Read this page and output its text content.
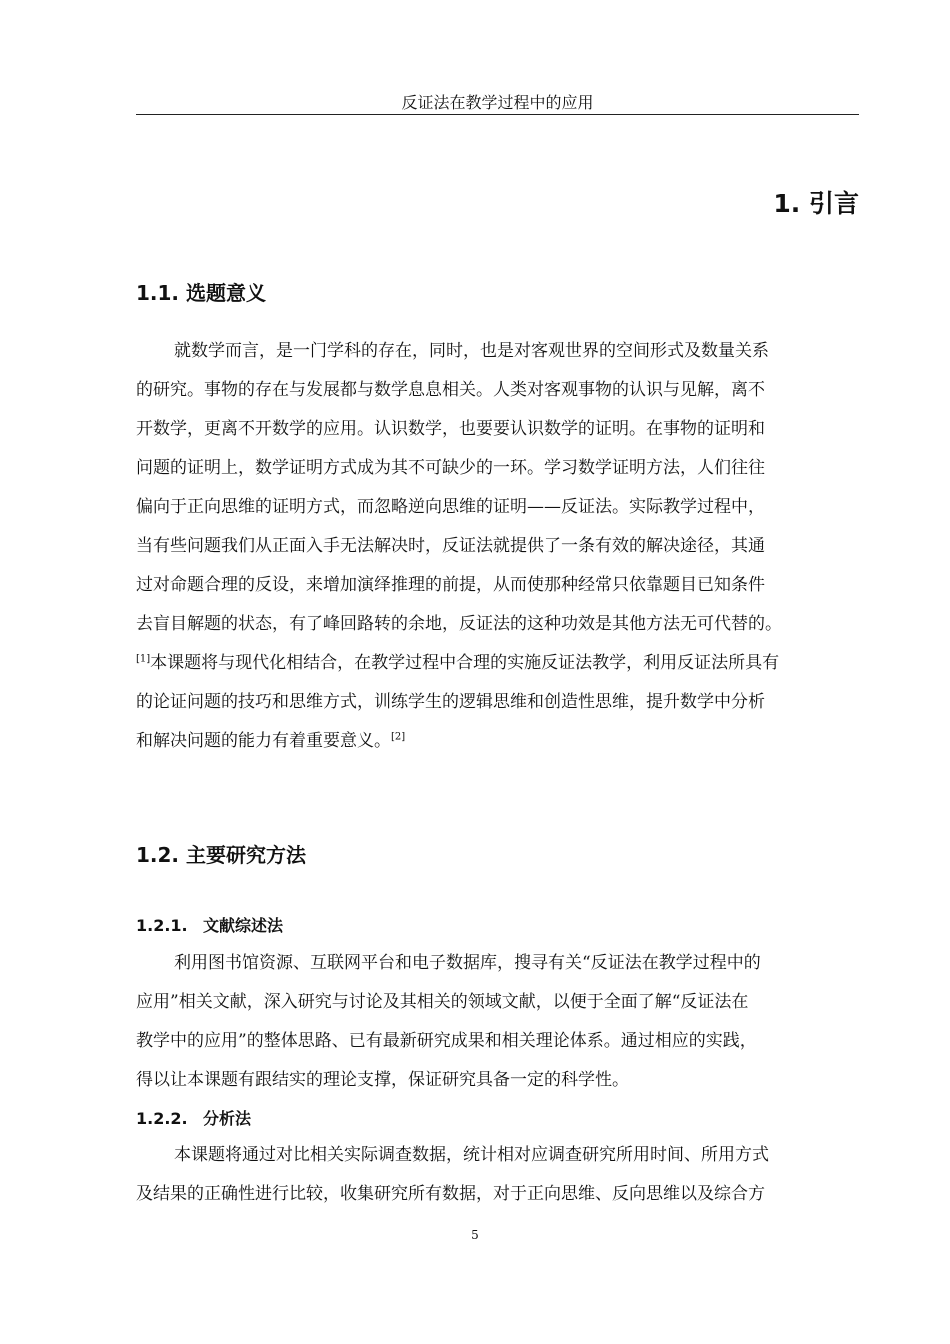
反证法在教学过程中的应用
1. 引言
1.1. 选题意义
就数学而言，是一门学科的存在，同时，也是对客观世界的空间形式及数量关系
的研究。事物的存在与发展都与数学息息相关。人类对客观事物的认识与见解，离不
开数学，更离不开数学的应用。认识数学，也要要认识数学的证明。在事物的证明和
问题的证明上，数学证明方式成为其不可缺少的一环。学习数学证明方法，人们往往
偏向于正向思维的证明方式，而忽略逆向思维的证明——反证法。实际教学过程中，
当有些问题我们从正面入手无法解决时，反证法就提供了一条有效的解决途径，其通
过对命题合理的反设，来增加演绎推理的前提，从而使那种经常只依靠题目已知条件
去盲目解题的状态，有了峰回路转的余地，反证法的这种功效是其他方法无可代替的。
[1]本课题将与现代化相结合，在教学过程中合理的实施反证法教学，利用反证法所具有
的论证问题的技巧和思维方式，训练学生的逻辑思维和创造性思维，提升数学中分析
和解决问题的能力有着重要意义。[2]
1.2. 主要研究方法
1.2.1. 文献综述法
利用图书馆资源、互联网平台和电子数据库，搜寻有关“反证法在教学过程中的
应用”相关文献，深入研究与讨论及其相关的领域文献，以便于全面了解“反证法在
教学中的应用”的整体思路、已有最新研究成果和相关理论体系。通过相应的实践，
得以让本课题有跟结实的理论支撑，保证研究具备一定的科学性。
1.2.2. 分析法
本课题将通过对比相关实际调查数据，统计相对应调查研究所用时间、所用方式
及结果的正确性进行比较，收集研究所有数据，对于正向思维、反向思维以及综合方
5
